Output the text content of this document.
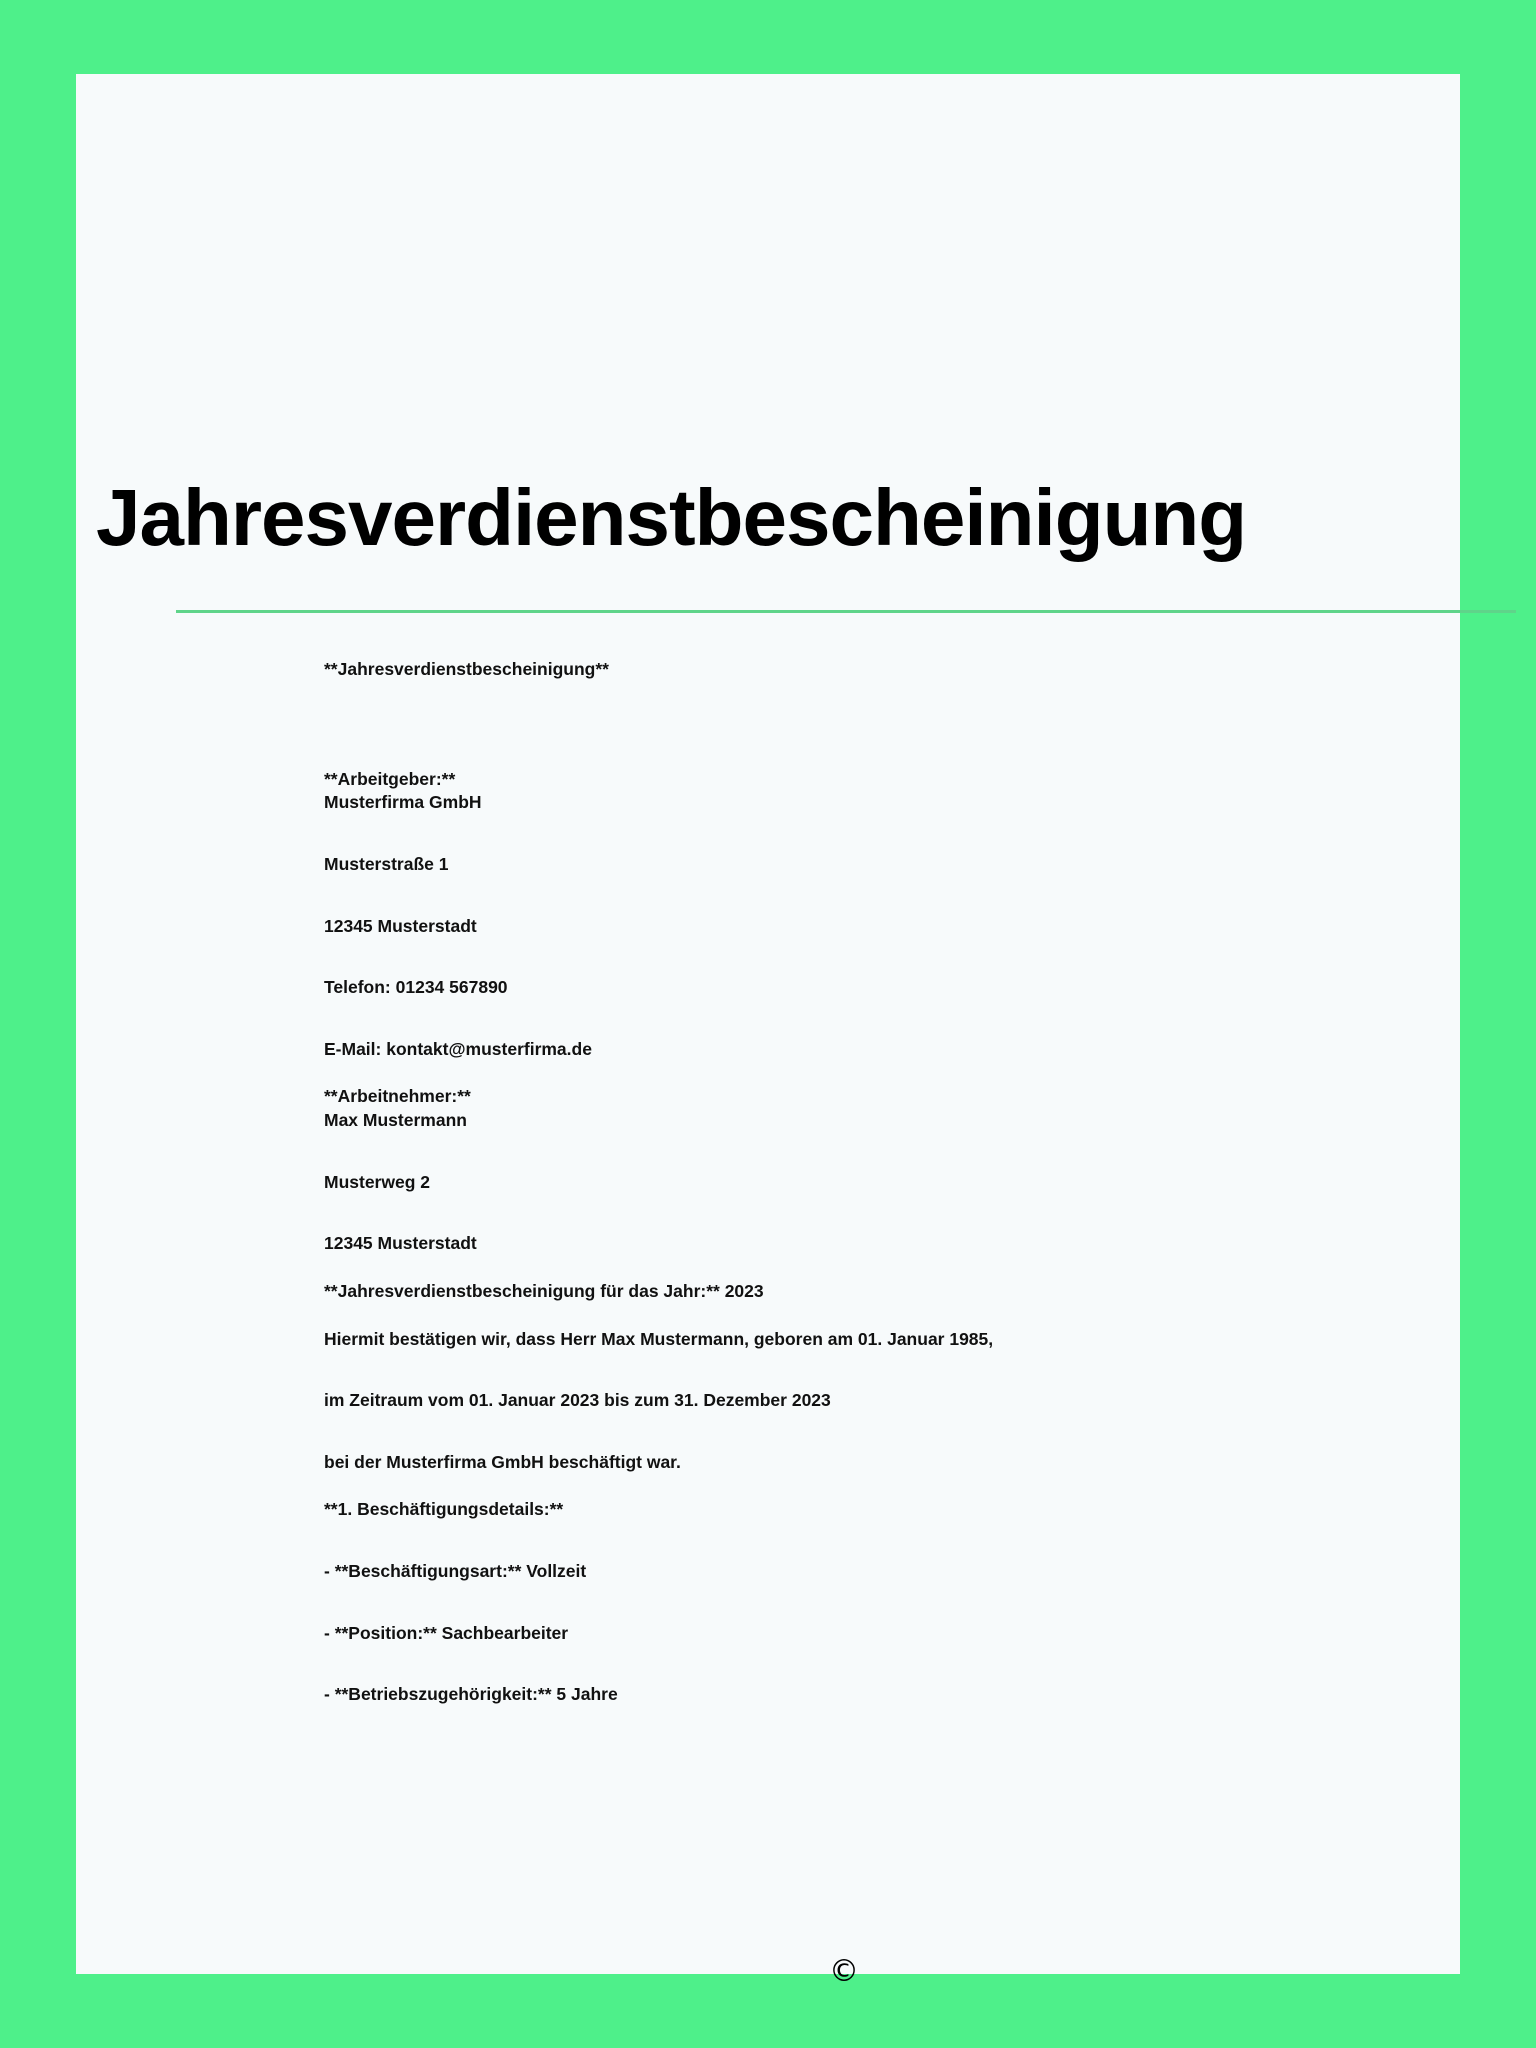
Jahresverdienstbescheinigung
**Jahresverdienstbescheinigung**
**Arbeitgeber:**
Musterfirma GmbH
Musterstraße 1
12345 Musterstadt
Telefon: 01234 567890
E-Mail: kontakt@musterfirma.de
**Arbeitnehmer:**
Max Mustermann
Musterweg 2
12345 Musterstadt
**Jahresverdienstbescheinigung für das Jahr:** 2023
Hiermit bestätigen wir, dass Herr Max Mustermann, geboren am 01. Januar 1985,
im Zeitraum vom 01. Januar 2023 bis zum 31. Dezember 2023
bei der Musterfirma GmbH beschäftigt war.
**1. Beschäftigungsdetails:**
- **Beschäftigungsart:** Vollzeit
- **Position:** Sachbearbeiter
- **Betriebszugehörigkeit:** 5 Jahre
©
